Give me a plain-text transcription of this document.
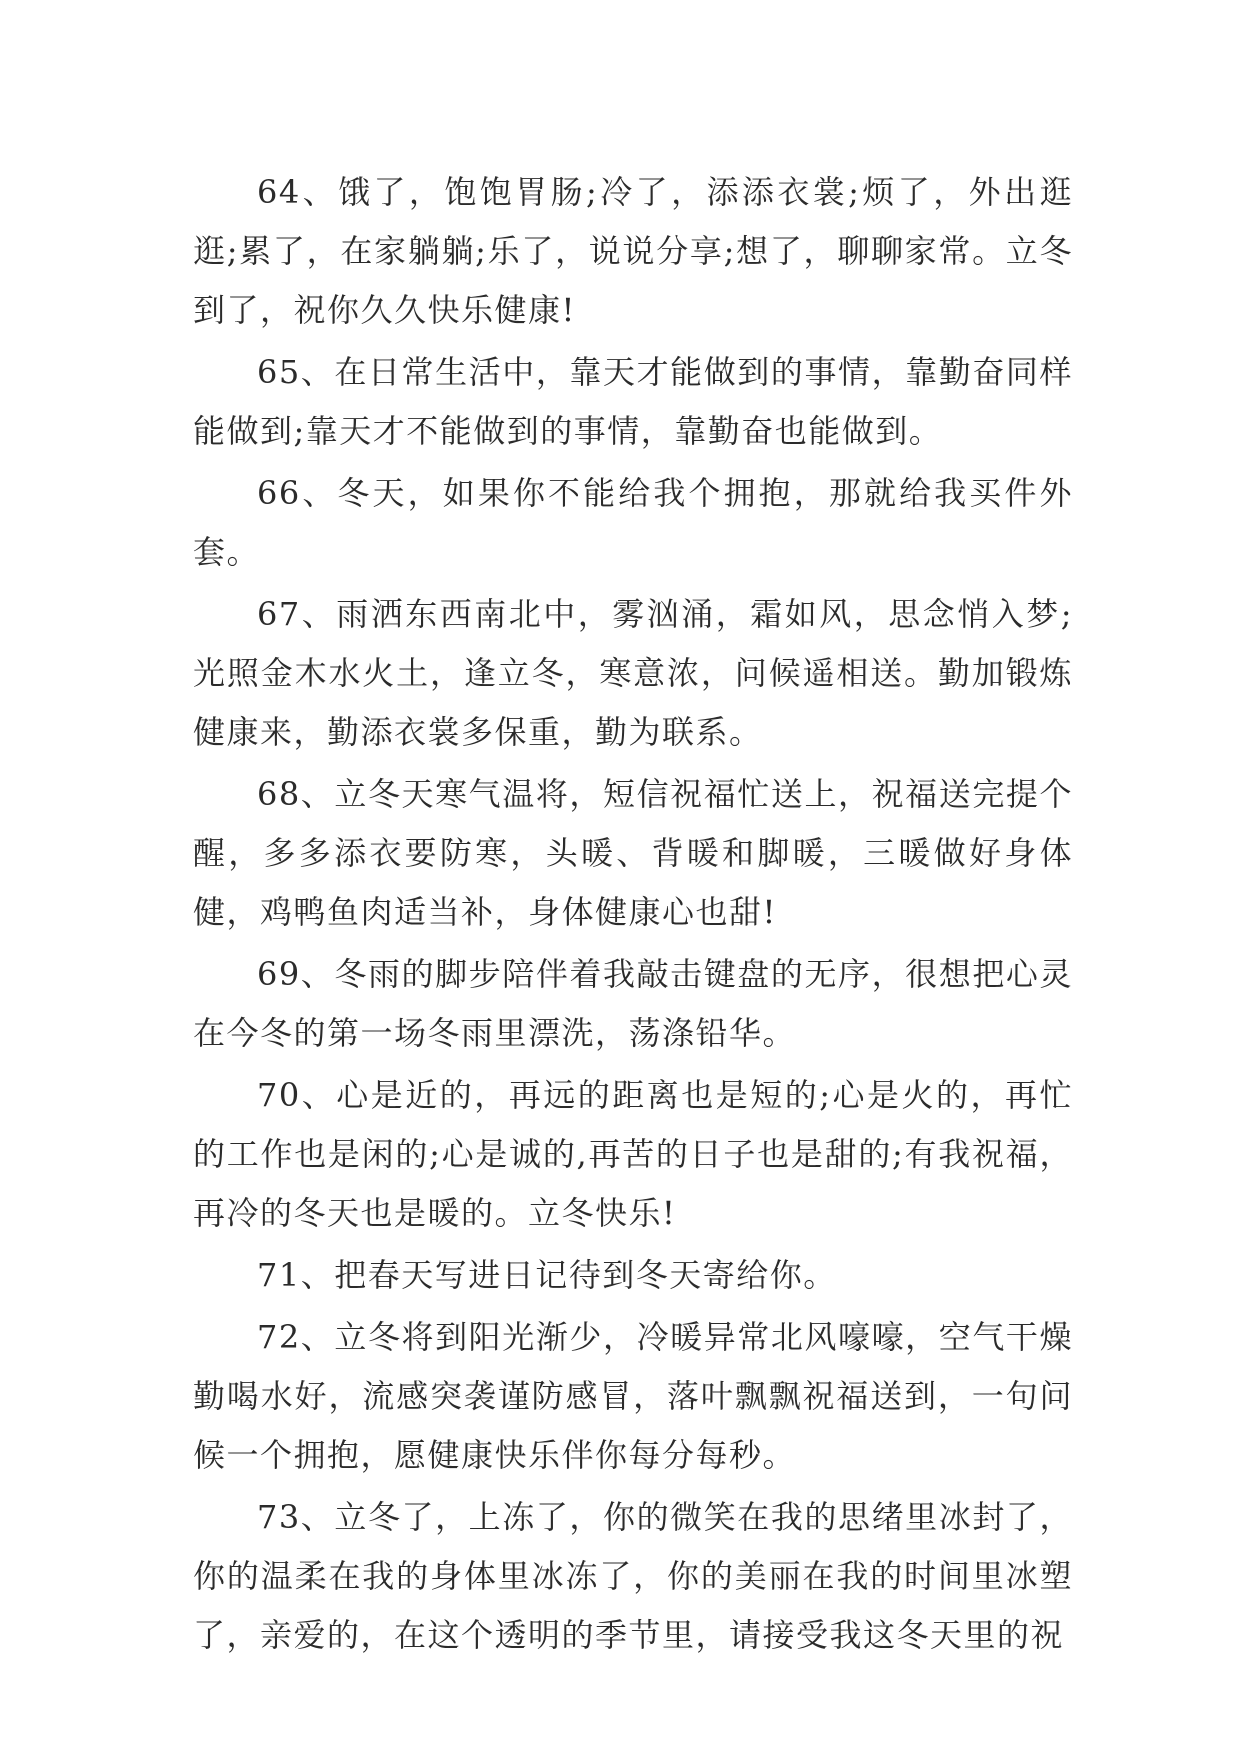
64、饿了，饱饱胃肠;冷了，添添衣裳;烦了，外出逛逛;累了，在家躺躺;乐了，说说分享;想了，聊聊家常。立冬到了，祝你久久快乐健康!

65、在日常生活中，靠天才能做到的事情，靠勤奋同样能做到;靠天才不能做到的事情，靠勤奋也能做到。

66、冬天，如果你不能给我个拥抱，那就给我买件外套。

67、雨洒东西南北中，雾汹涌，霜如风，思念悄入梦;光照金木水火土，逢立冬，寒意浓，问候遥相送。勤加锻炼健康来，勤添衣裳多保重，勤为联系。

68、立冬天寒气温将，短信祝福忙送上，祝福送完提个醒，多多添衣要防寒，头暖、背暖和脚暖，三暖做好身体健，鸡鸭鱼肉适当补，身体健康心也甜!

69、冬雨的脚步陪伴着我敲击键盘的无序，很想把心灵在今冬的第一场冬雨里漂洗，荡涤铅华。

70、心是近的，再远的距离也是短的;心是火的，再忙的工作也是闲的;心是诚的,再苦的日子也是甜的;有我祝福，再冷的冬天也是暖的。立冬快乐!

71、把春天写进日记待到冬天寄给你。

72、立冬将到阳光渐少，冷暖异常北风嚎嚎，空气干燥勤喝水好，流感突袭谨防感冒，落叶飘飘祝福送到，一句问候一个拥抱，愿健康快乐伴你每分每秒。

73、立冬了，上冻了，你的微笑在我的思绪里冰封了，你的温柔在我的身体里冰冻了，你的美丽在我的时间里冰塑了，亲爱的，在这个透明的季节里，请接受我这冬天里的祝
